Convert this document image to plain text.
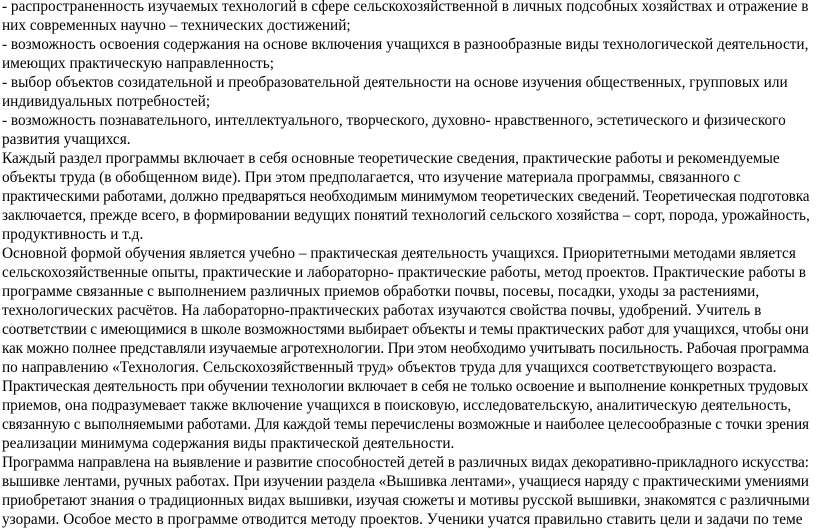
- распространенность изучаемых технологий в сфере сельскохозяйственной в личных подсобных хозяйствах и отражение в
них современных научно – технических достижений;
- возможность освоения содержания на основе включения учащихся в разнообразные виды технологической деятельности,
имеющих практическую направленность;
- выбор объектов созидательной и преобразовательной деятельности на основе изучения общественных, групповых или
индивидуальных потребностей;
- возможность познавательного, интеллектуального, творческого, духовно- нравственного, эстетического и физического
развития учащихся.
Каждый раздел программы включает в себя основные теоретические сведения, практические работы и рекомендуемые
объекты труда (в обобщенном виде). При этом предполагается, что изучение материала программы, связанного с
практическими работами, должно предваряться необходимым минимумом теоретических сведений. Теоретическая подготовка
заключается, прежде всего, в формировании ведущих понятий технологий сельского хозяйства – сорт, порода, урожайность,
продуктивность и т.д.
Основной формой обучения является учебно – практическая деятельность учащихся. Приоритетными методами является
сельскохозяйственные опыты, практические и лабораторно- практические работы, метод проектов. Практические работы в
программе связанные с выполнением различных приемов обработки почвы, посевы, посадки, уходы за растениями,
технологических расчётов. На лабораторно-практических работах изучаются свойства почвы, удобрений. Учитель в
соответствии с имеющимися в школе возможностями выбирает объекты и темы практических работ для учащихся, чтобы они
как можно полнее представляли изучаемые агротехнологии. При этом необходимо учитывать посильность. Рабочая программа
по направлению «Технология. Сельскохозяйственный труд» объектов труда для учащихся соответствующего возраста.
Практическая деятельность при обучении технологии включает в себя не только освоение и выполнение конкретных трудовых
приемов, она подразумевает также включение учащихся в поисковую, исследовательскую, аналитическую деятельность,
связанную с выполняемыми работами. Для каждой темы перечислены возможные и наиболее целесообразные с точки зрения
реализации минимума содержания виды практической деятельности.
Программа направлена на выявление и развитие способностей детей в различных видах декоративно-прикладного искусства:
вышивке лентами, ручных работах. При изучении раздела «Вышивка лентами», учащиеся наряду с практическими умениями
приобретают знания о традиционных видах вышивки, изучая сюжеты и мотивы русской вышивки, знакомятся с различными
узорами. Особое место в программе отводится методу проектов. Ученики учатся правильно ставить цели и задачи по теме
